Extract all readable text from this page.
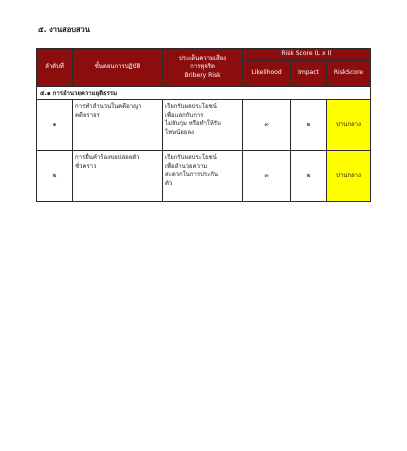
๕. งานสอบสวน
ลำดับที่	ขั้นตอนการปฏิบัติ	ประเด็นความเสี่ยง
การทุจริต
Bribery Risk	Risk Score (L x I)		
			Likelihood	Impact	RiskScore
๕.๑ การอำนวยความยุติธรรม					
๑	การทำสำนวนในคดีอาญา
คดีจราจร	เรียกรับผลประโยชน์
เพื่อแลกกับการ
ไม่จับกุม หรือทำให้รับ
โทษน้อยลง	๓	๒	ปานกลาง
๒	การยื่นคำร้องขอปล่อยตัว
ชั่วคราว	เรียกรับผลประโยชน์
เพื่ออำนวยความ
สะดวกในการประกัน
ตัว	๓	๒	ปานกลาง
